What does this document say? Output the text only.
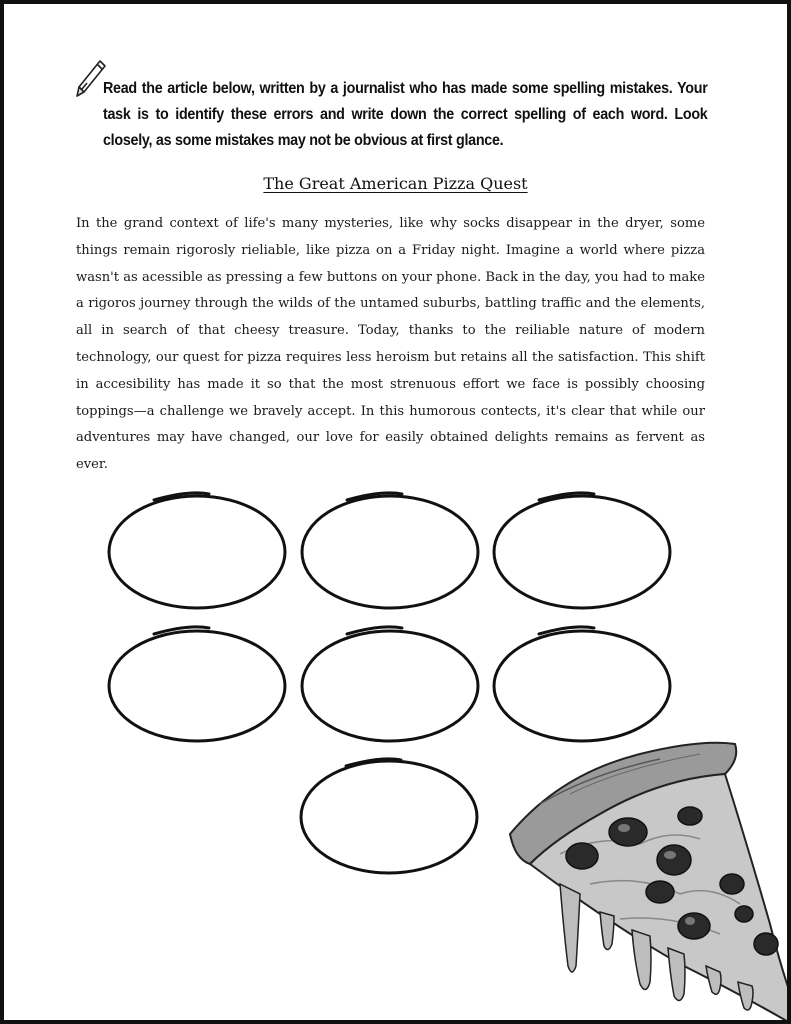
Read the article below, written by a journalist who has made some spelling mistakes. Your task is to identify these errors and write down the correct spelling of each word. Look closely, as some mistakes may not be obvious at first glance.
The Great American Pizza Quest

In the grand context of life's many mysteries, like why socks disappear in the dryer, some things remain rigorosly rieliable, like pizza on a Friday night. Imagine a world where pizza wasn't as acessible as pressing a few buttons on your phone. Back in the day, you had to make a rigoros journey through the wilds of the untamed suburbs, battling traffic and the elements, all in search of that cheesy treasure. Today, thanks to the reiliable nature of modern technology, our quest for pizza requires less heroism but retains all the satisfaction. This shift in accesibility has made it so that the most strenuous effort we face is possibly choosing toppings—a challenge we bravely accept. In this humorous contects, it's clear that while our adventures may have changed, our love for easily obtained delights remains as fervent as ever.
